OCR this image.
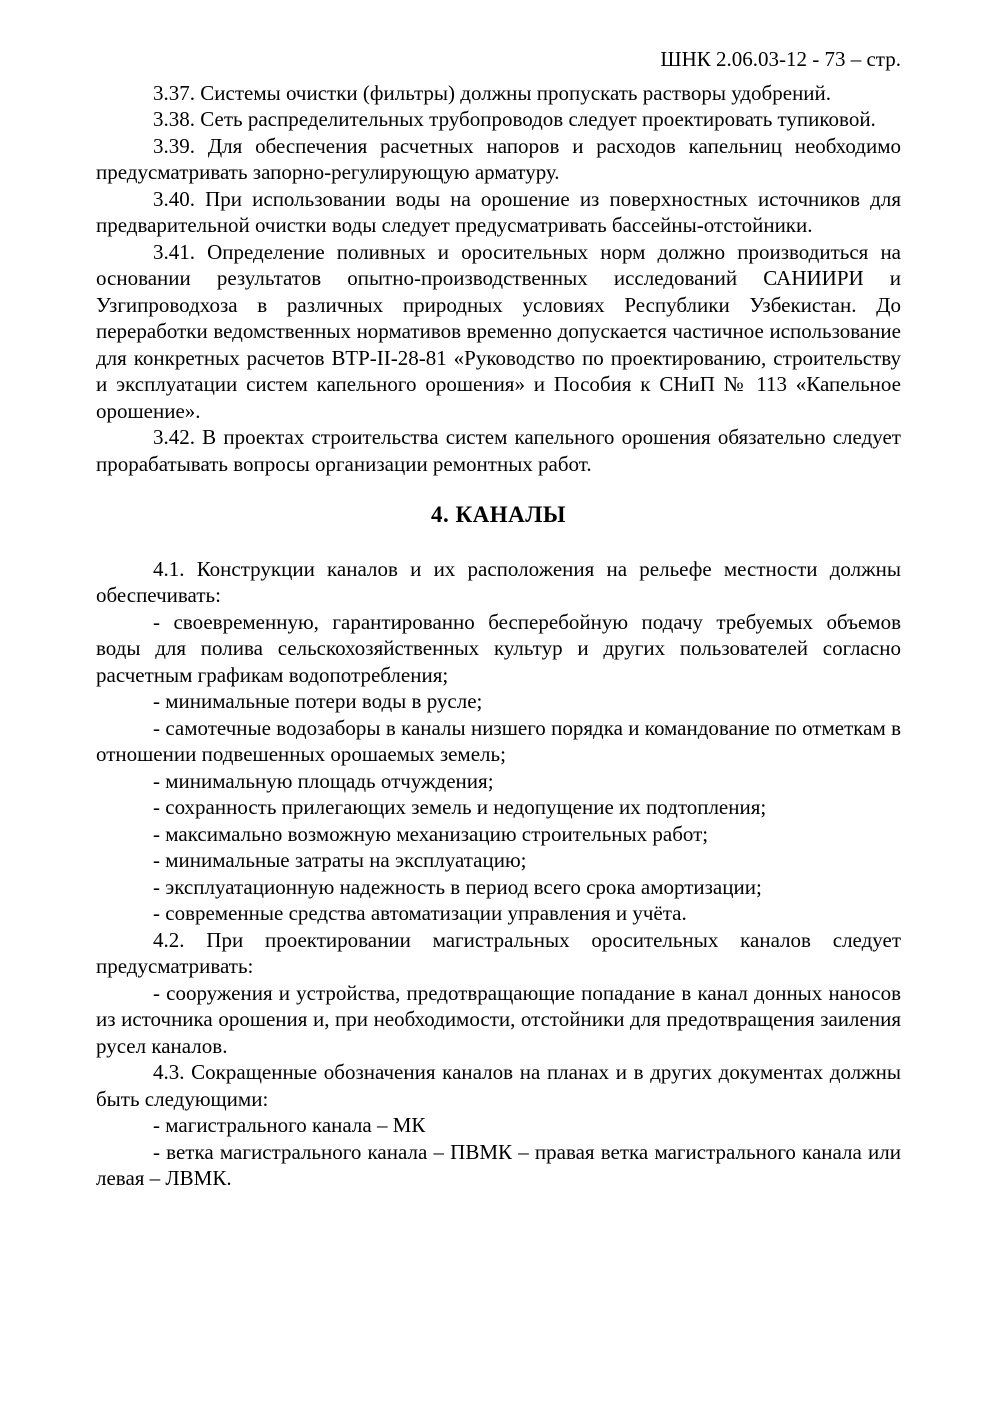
ШНК 2.06.03-12 - 73 – стр.

3.37. Системы очистки (фильтры) должны пропускать растворы удобрений.

3.38. Сеть распределительных трубопроводов следует проектировать тупиковой.

3.39. Для обеспечения расчетных напоров и расходов капельниц необходимо предусматривать запорно-регулирующую арматуру.

3.40. При использовании воды на орошение из поверхностных источников для предварительной очистки воды следует предусматривать бассейны-отстойники.

3.41. Определение поливных и оросительных норм должно производиться на основании результатов опытно-производственных исследований САНИИРИ и Узгипроводхоза в различных природных условиях Республики Узбекистан. До переработки ведомственных нормативов временно допускается частичное использование для конкретных расчетов ВТР-II-28-81 «Руководство по проектированию, строительству и эксплуатации систем капельного орошения» и Пособия к СНиП № 113 «Капельное орошение».

3.42. В проектах строительства систем капельного орошения обязательно следует прорабатывать вопросы организации ремонтных работ.

4. КАНАЛЫ

4.1. Конструкции каналов и их расположения на рельефе местности должны обеспечивать:

- своевременную, гарантированно бесперебойную подачу требуемых объемов воды для полива сельскохозяйственных культур и других пользователей согласно расчетным графикам водопотребления;

- минимальные потери воды в русле;

- самотечные водозаборы в каналы низшего порядка и командование по отметкам в отношении подвешенных орошаемых земель;

- минимальную площадь отчуждения;

- сохранность прилегающих земель и недопущение их подтопления;

- максимально возможную механизацию строительных работ;

- минимальные затраты на эксплуатацию;

- эксплуатационную надежность в период всего срока амортизации;

- современные средства автоматизации управления и учёта.

4.2. При проектировании магистральных оросительных каналов следует предусматривать:

- сооружения и устройства, предотвращающие попадание в канал донных наносов из источника орошения и, при необходимости, отстойники для предотвращения заиления русел каналов.

4.3. Сокращенные обозначения каналов на планах и в других документах должны быть следующими:

- магистрального канала – МК

- ветка магистрального канала – ПВМК – правая ветка магистрального канала или левая – ЛВМК.
